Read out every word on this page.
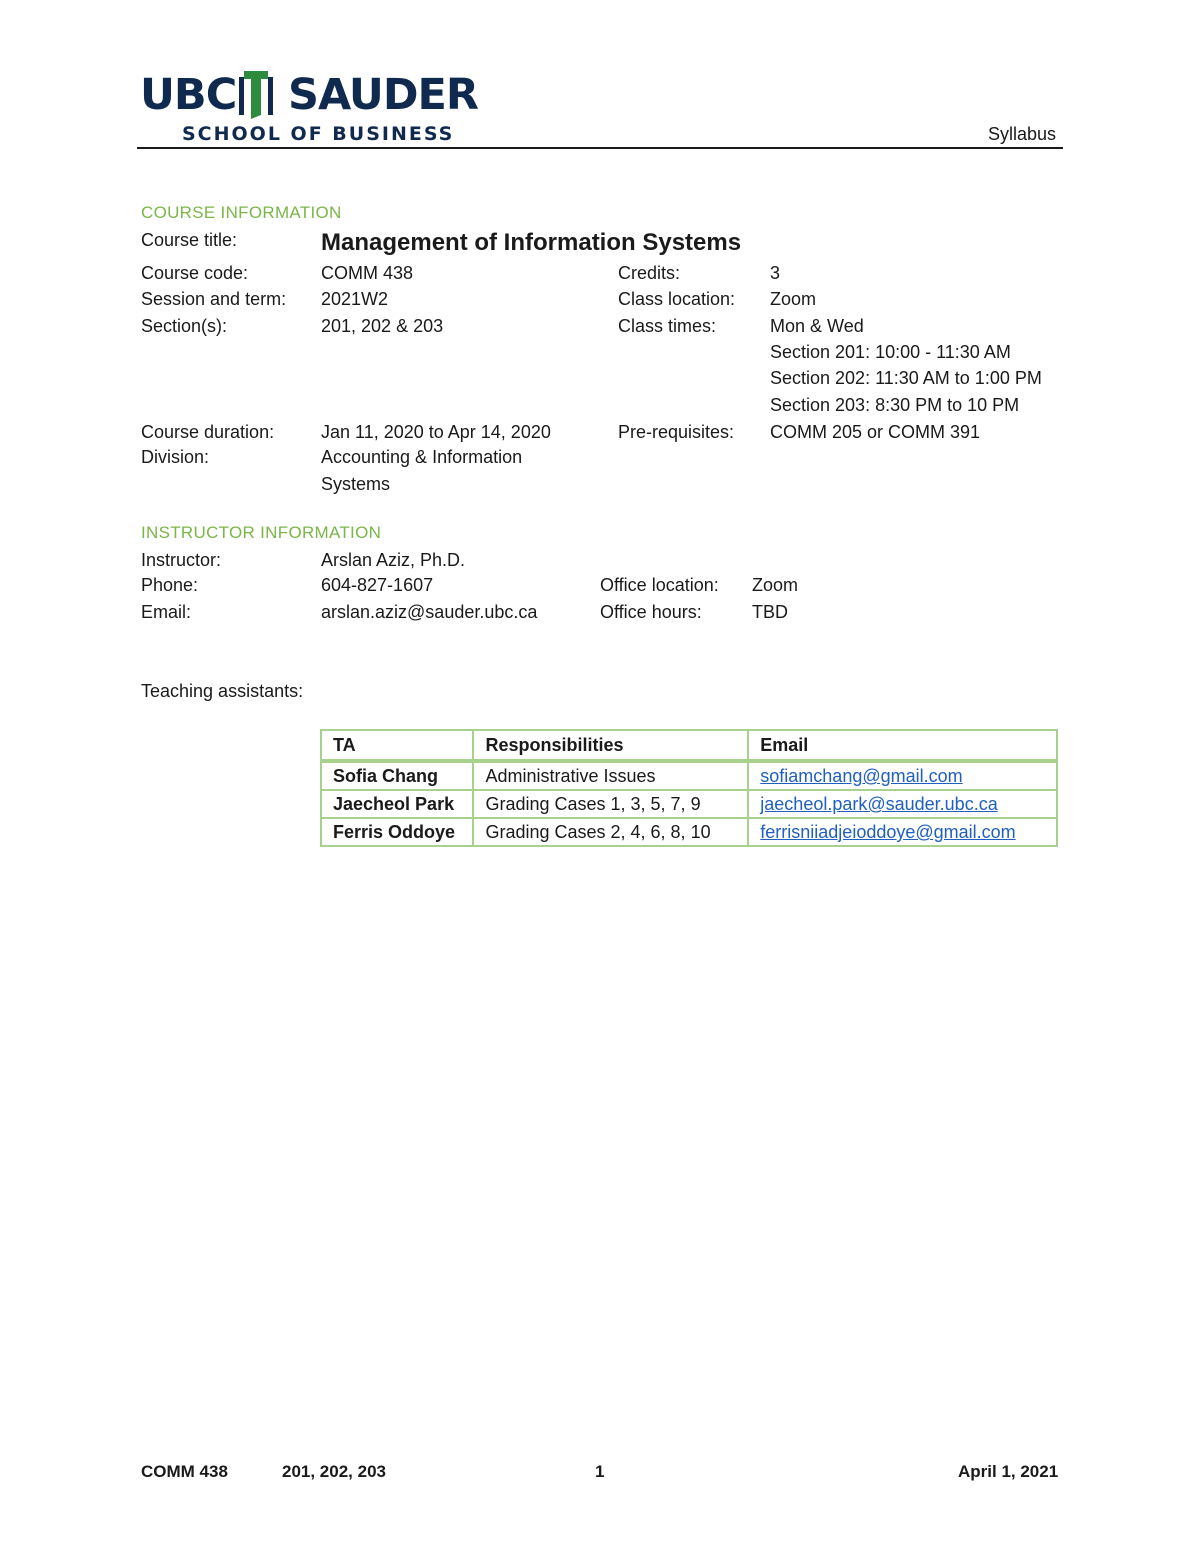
UBC SAUDER
SCHOOL OF BUSINESS	Syllabus
COURSE INFORMATION
Course title:	Management of Information Systems
Course code:	COMM 438	Credits:	3
Session and term: 2021W2	Class location: Zoom
Section(s):	201, 202 & 203	Class times:	Mon & Wed
Section 201: 10:00 - 11:30 AM
Section 202: 11:30 AM to 1:00 PM
Section 203: 8:30 PM to 10 PM
Course duration:	Jan 11, 2020 to Apr 14, 2020	Pre-requisites: COMM 205 or COMM 391
Division:	Accounting & Information
Systems
INSTRUCTOR INFORMATION
Instructor:	Arslan Aziz, Ph.D.
Phone:	604-827-1607	Office location: Zoom
Email:	arslan.aziz@sauder.ubc.ca	Office hours:	TBD
Teaching assistants:
TA	Responsibilities	Email
Sofia Chang	Administrative Issues	sofiamchang@gmail.com
Jaecheol Park	Grading Cases 1, 3, 5, 7, 9	jaecheol.park@sauder.ubc.ca
Ferris Oddoye	Grading Cases 2, 4, 6, 8, 10	ferrisniiadjeioddoye@gmail.com
COMM 438	201, 202, 203	1	April 1, 2021
